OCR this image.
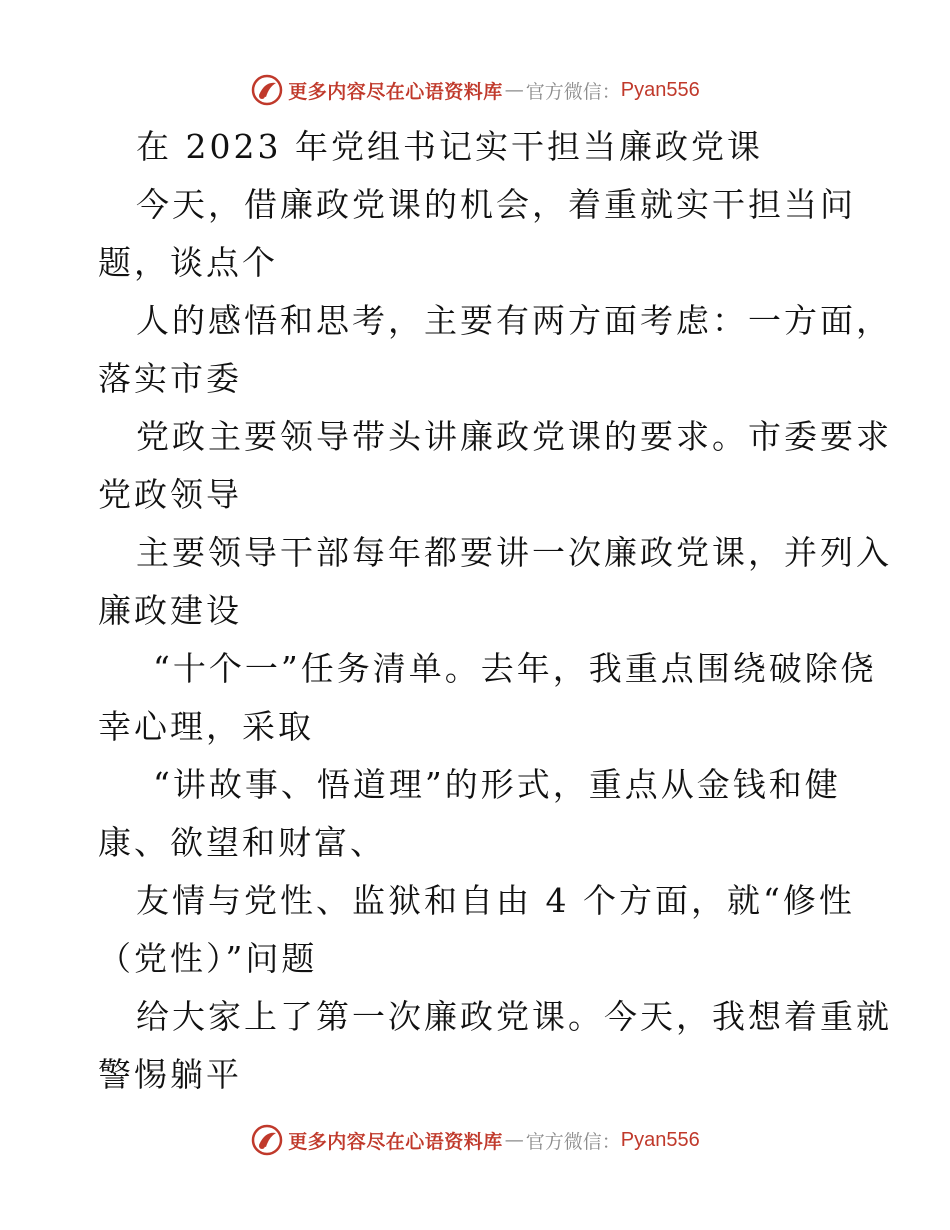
更多内容尽在心语资料库 — 官方微信： Pyan556
在 2023 年党组书记实干担当廉政党课
今天，借廉政党课的机会，着重就实干担当问
题，谈点个
人的感悟和思考，主要有两方面考虑：一方面，
落实市委
党政主要领导带头讲廉政党课的要求。市委要求
党政领导
主要领导干部每年都要讲一次廉政党课，并列入
廉政建设
“十个一”任务清单。去年，我重点围绕破除侥
幸心理，采取
“讲故事、悟道理”的形式，重点从金钱和健
康、欲望和财富、
友情与党性、监狱和自由 4 个方面，就“修性
（党性）”问题
给大家上了第一次廉政党课。今天，我想着重就
警惕躺平
更多内容尽在心语资料库 — 官方微信： Pyan556
